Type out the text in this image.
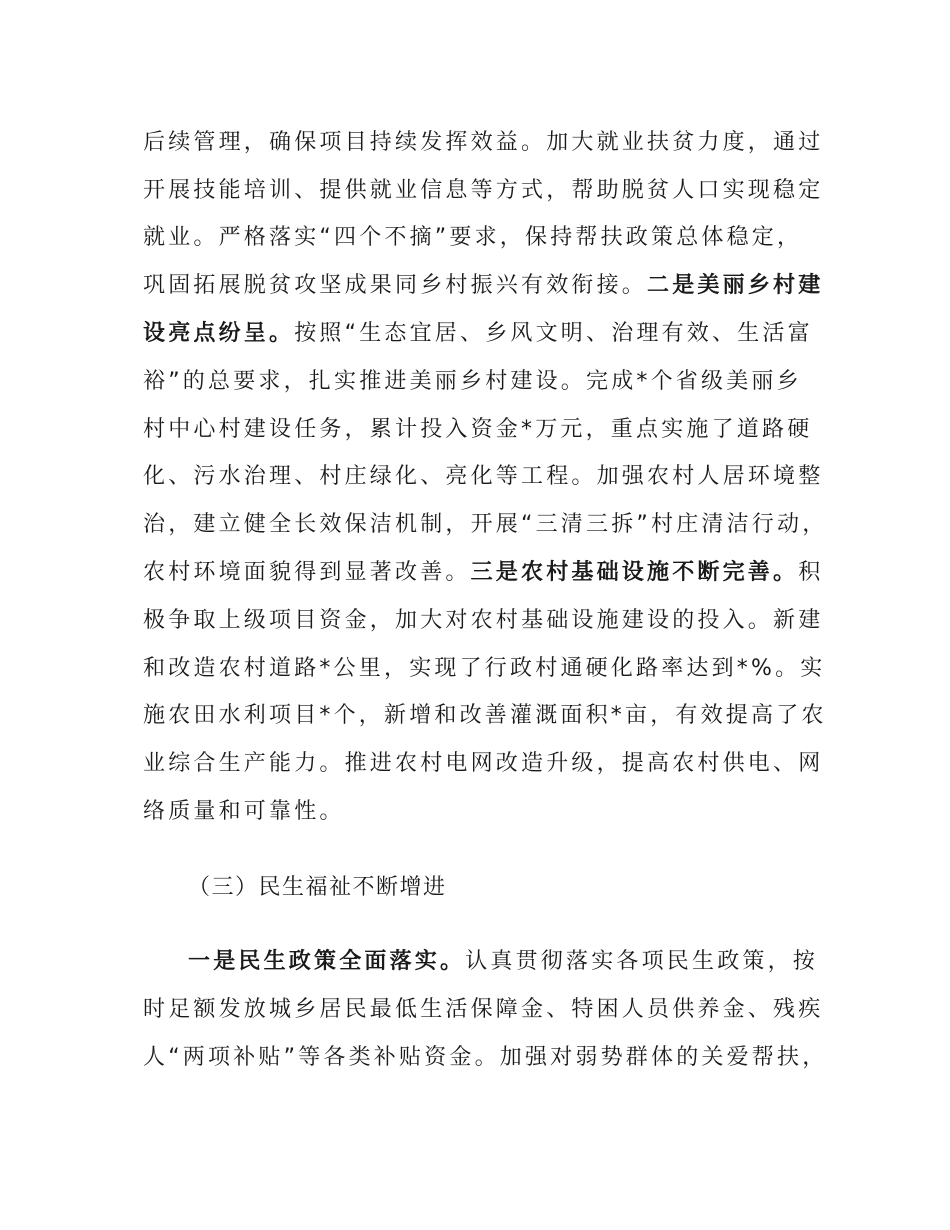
后续管理，确保项目持续发挥效益。加大就业扶贫力度，通过
开展技能培训、提供就业信息等方式，帮助脱贫人口实现稳定
就业。严格落实“四个不摘”要求，保持帮扶政策总体稳定，
巩固拓展脱贫攻坚成果同乡村振兴有效衔接。二是美丽乡村建
设亮点纷呈。按照“生态宜居、乡风文明、治理有效、生活富
裕”的总要求，扎实推进美丽乡村建设。完成*个省级美丽乡
村中心村建设任务，累计投入资金*万元，重点实施了道路硬
化、污水治理、村庄绿化、亮化等工程。加强农村人居环境整
治，建立健全长效保洁机制，开展“三清三拆”村庄清洁行动，
农村环境面貌得到显著改善。三是农村基础设施不断完善。积
极争取上级项目资金，加大对农村基础设施建设的投入。新建
和改造农村道路*公里，实现了行政村通硬化路率达到*%。实
施农田水利项目*个，新增和改善灌溉面积*亩，有效提高了农
业综合生产能力。推进农村电网改造升级，提高农村供电、网
络质量和可靠性。
（三）民生福祉不断增进
一是民生政策全面落实。认真贯彻落实各项民生政策，按
时足额发放城乡居民最低生活保障金、特困人员供养金、残疾
人“两项补贴”等各类补贴资金。加强对弱势群体的关爱帮扶，
